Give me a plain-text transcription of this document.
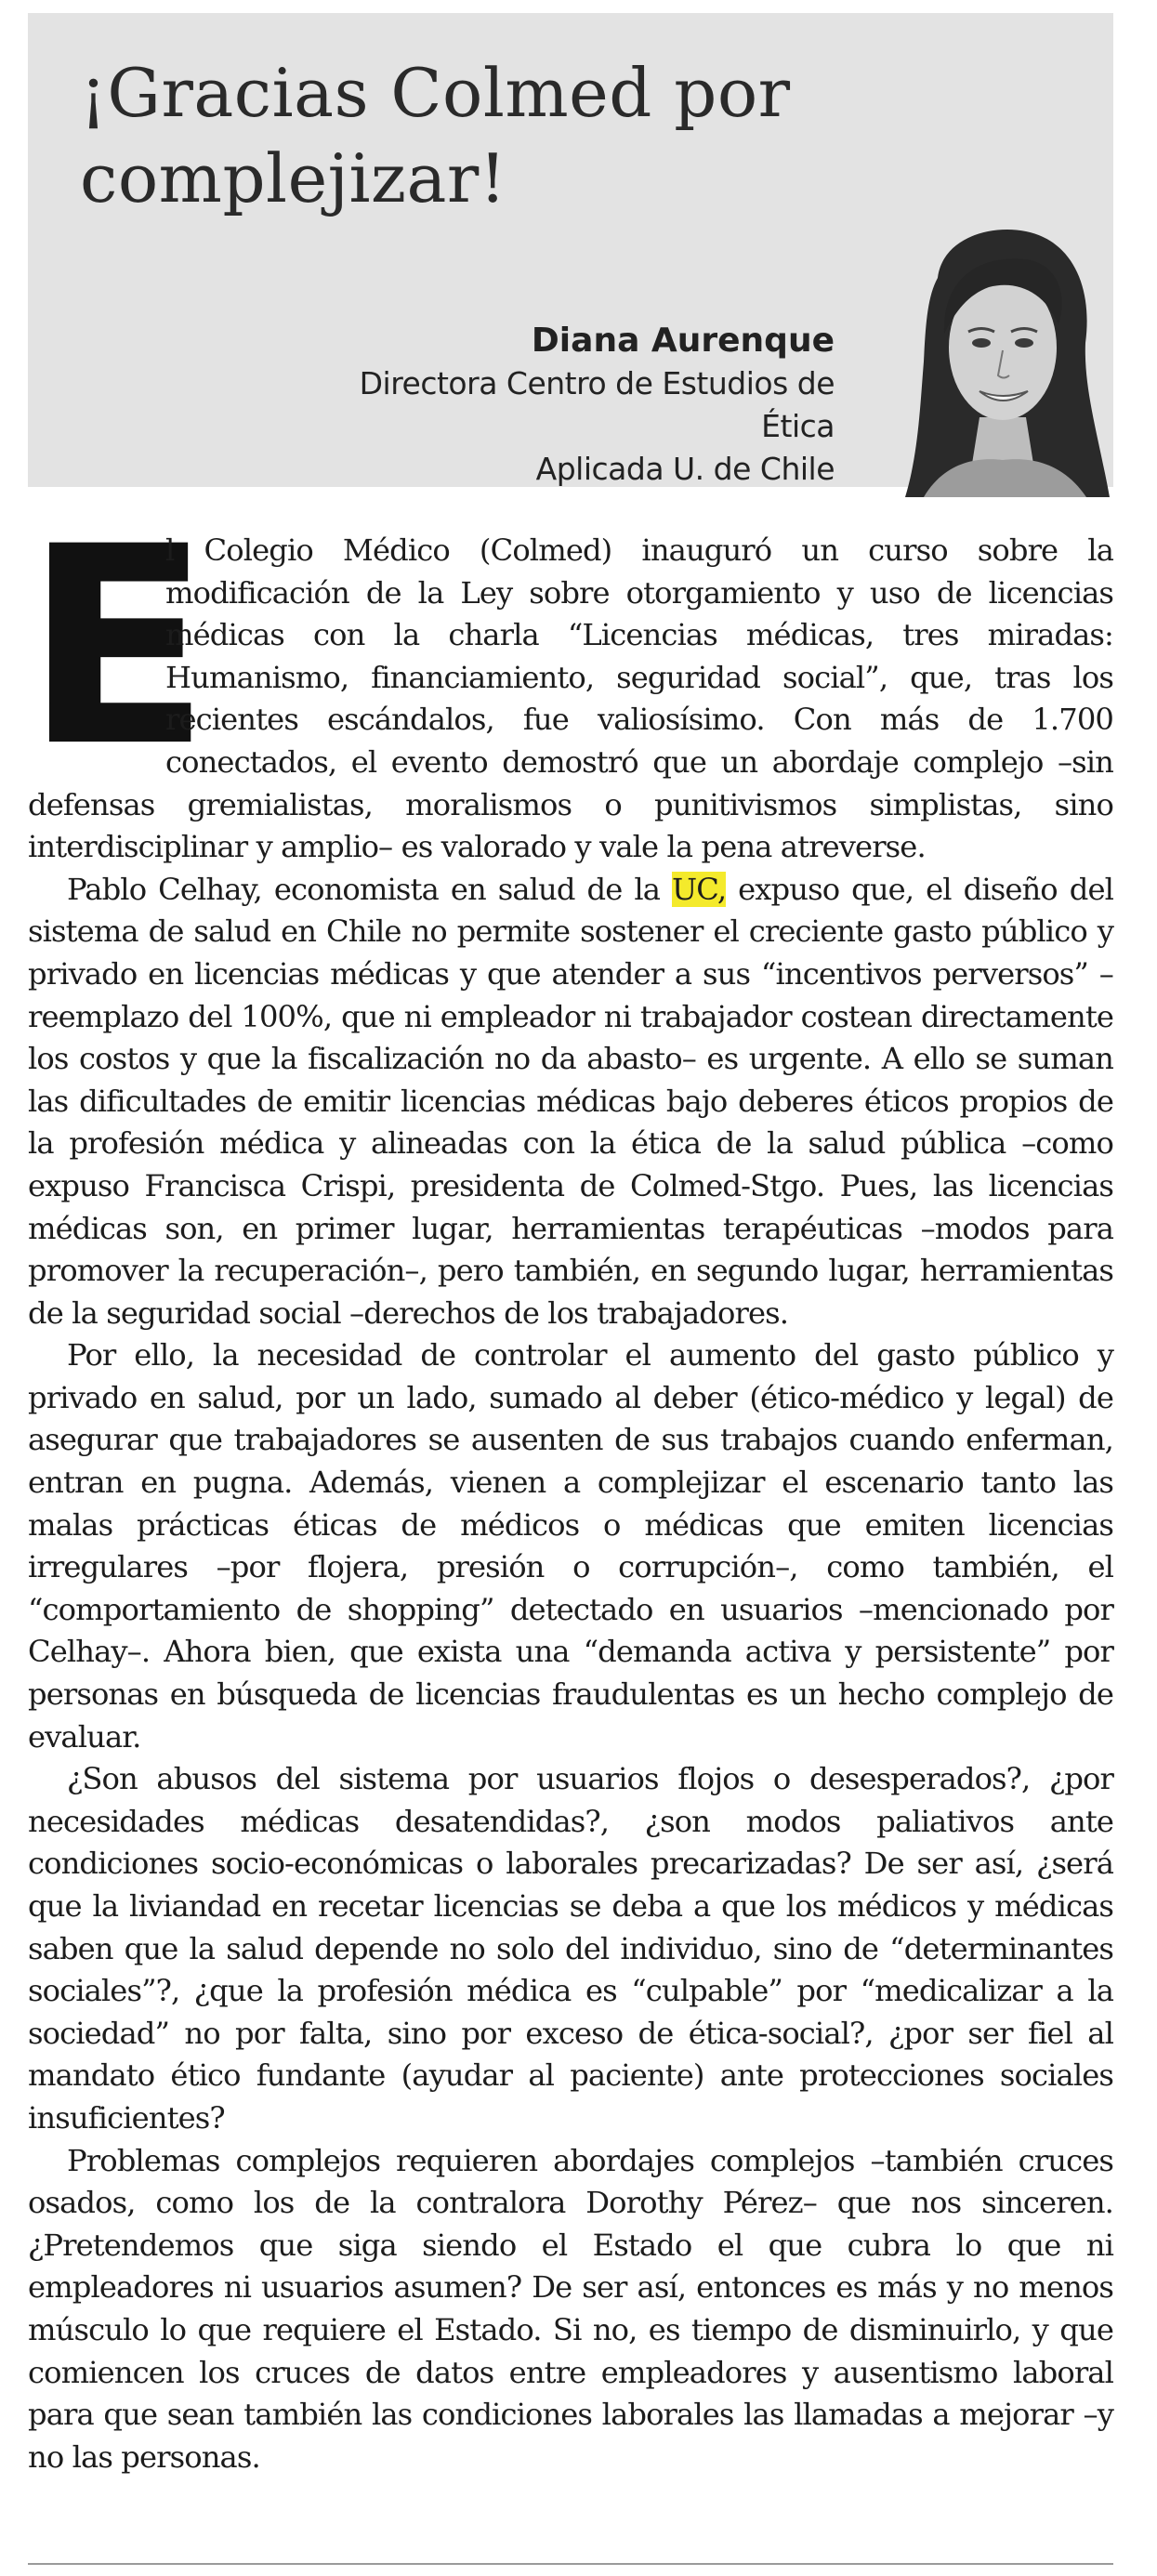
¡Gracias Colmed por complejizar!
Diana Aurenque
Directora Centro de Estudios de Ética
Aplicada U. de Chile
E

l Colegio Médico (Colmed) inauguró un curso sobre la modificación de la Ley sobre otorgamiento y uso de licencias médicas con la charla “Licencias médicas, tres miradas: Humanismo, financiamiento, seguridad social”, que, tras los recientes escándalos, fue valiosísimo. Con más de 1.700 conectados, el evento demostró que un abordaje complejo –sin defensas gremialistas, moralismos o punitivismos simplistas, sino interdisciplinar y amplio– es valorado y vale la pena atreverse.

Pablo Celhay, economista en salud de la UC, expuso que, el diseño del sistema de salud en Chile no permite sostener el creciente gasto público y privado en licencias médicas y que atender a sus “incentivos perversos” –reemplazo del 100%, que ni empleador ni trabajador costean directamente los costos y que la fiscalización no da abasto– es urgente. A ello se suman las dificultades de emitir licencias médicas bajo deberes éticos propios de la profesión médica y alineadas con la ética de la salud pública –como expuso Francisca Crispi, presidenta de Colmed-Stgo. Pues, las licencias médicas son, en primer lugar, herramientas terapéuticas –modos para promover la recuperación–, pero también, en segundo lugar, herramientas de la seguridad social –derechos de los trabajadores.

Por ello, la necesidad de controlar el aumento del gasto público y privado en salud, por un lado, sumado al deber (ético-médico y legal) de asegurar que trabajadores se ausenten de sus trabajos cuando enferman, entran en pugna. Además, vienen a complejizar el escenario tanto las malas prácticas éticas de médicos o médicas que emiten licencias irregulares –por flojera, presión o corrupción–, como también, el “comportamiento de shopping” detectado en usuarios –mencionado por Celhay–. Ahora bien, que exista una “demanda activa y persistente” por personas en búsqueda de licencias fraudulentas es un hecho complejo de evaluar.

¿Son abusos del sistema por usuarios flojos o desesperados?, ¿por necesidades médicas desatendidas?, ¿son modos paliativos ante condiciones socio-económicas o laborales precarizadas? De ser así, ¿será que la liviandad en recetar licencias se deba a que los médicos y médicas saben que la salud depende no solo del individuo, sino de “determinantes sociales”?, ¿que la profesión médica es “culpable” por “medicalizar a la sociedad” no por falta, sino por exceso de ética-social?, ¿por ser fiel al mandato ético fundante (ayudar al paciente) ante protecciones sociales insuficientes?

Problemas complejos requieren abordajes complejos –también cruces osados, como los de la contralora Dorothy Pérez– que nos sinceren. ¿Pretendemos que siga siendo el Estado el que cubra lo que ni empleadores ni usuarios asumen? De ser así, entonces es más y no menos músculo lo que requiere el Estado. Si no, es tiempo de disminuirlo, y que comiencen los cruces de datos entre empleadores y ausentismo laboral para que sean también las condiciones laborales las llamadas a mejorar –y no las personas.
